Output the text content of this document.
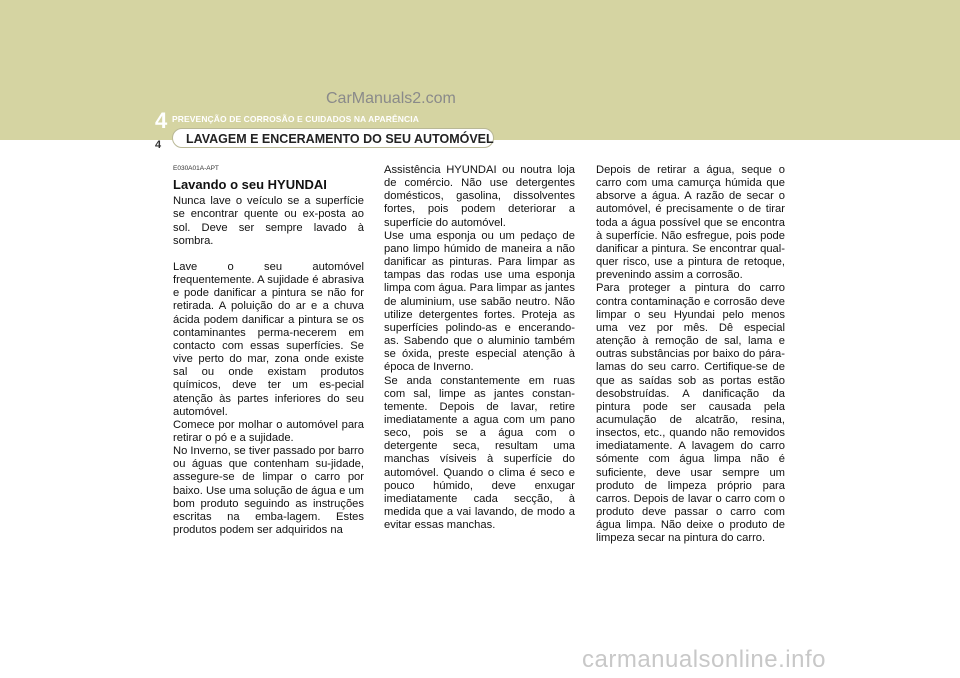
CarManuals2.com
4 PREVENÇÃO DE CORROSÃO E CUIDADOS NA APARÊNCIA
4 LAVAGEM E ENCERAMENTO DO SEU AUTOMÓVEL
E030A01A-APT
Lavando o seu HYUNDAI

Nunca lave o veículo se a superfície se encontrar quente ou ex-posta ao sol. Deve ser sempre lavado à sombra.

Lave o seu automóvel frequentemente. A sujidade é abrasiva e pode danificar a pintura se não for retirada. A poluição do ar e a chuva ácida podem danificar a pintura se os contaminantes perma-necerem em contacto com essas superfícies. Se vive perto do mar, zona onde existe sal ou onde existam produtos químicos, deve ter um es-pecial atenção às partes inferiores do seu automóvel.

Comece por molhar o automóvel para retirar o pó e a sujidade.

No Inverno, se tiver passado por barro ou águas que contenham su-jidade, assegure-se de limpar o carro por baixo. Use uma solução de água e um bom produto seguindo as instruções escritas na emba-lagem. Estes produtos podem ser adquiridos na

Assistência HYUNDAI ou noutra loja de comércio. Não use detergentes domésticos, gasolina, dissolventes fortes, pois podem deteriorar a superfície do automóvel.

Use uma esponja ou um pedaço de pano limpo húmido de maneira a não danificar as pinturas. Para limpar as tampas das rodas use uma esponja limpa com água. Para limpar as jantes de aluminium, use sabão neutro. Não utilize detergentes fortes. Proteja as superfícies polindo-as e encerando-as. Sabendo que o aluminio também se óxida, preste especial atenção à época de Inverno.

Se anda constantemente em ruas com sal, limpe as jantes constan-temente. Depois de lavar, retire imediatamente a agua com um pano seco, pois se a água com o detergente seca, resultam uma manchas vísiveis à superfície do automóvel. Quando o clima é seco e pouco húmido, deve enxugar imediatamente cada secção, à medida que a vai lavando, de modo a evitar essas manchas.

Depois de retirar a água, seque o carro com uma camurça húmida que absorve a água. A razão de secar o automóvel, é precisamente o de tirar toda a água possível que se encontra à superfície. Não esfregue, pois pode danificar a pintura. Se encontrar qual-quer risco, use a pintura de retoque, prevenindo assim a corrosão.

Para proteger a pintura do carro contra contaminação e corrosão deve limpar o seu Hyundai pelo menos uma vez por mês. Dê especial atenção à remoção de sal, lama e outras substâncias por baixo do pára-lamas do seu carro. Certifique-se de que as saídas sob as portas estão desobstruídas. A danificação da pintura pode ser causada pela acumulação de alcatrão, resina, insectos, etc., quando não removidos imediatamente. A lavagem do carro sómente com água limpa não é suficiente, deve usar sempre um produto de limpeza próprio para carros. Depois de lavar o carro com o produto deve passar o carro com água limpa. Não deixe o produto de limpeza secar na pintura do carro.

carmanualsonline.info
